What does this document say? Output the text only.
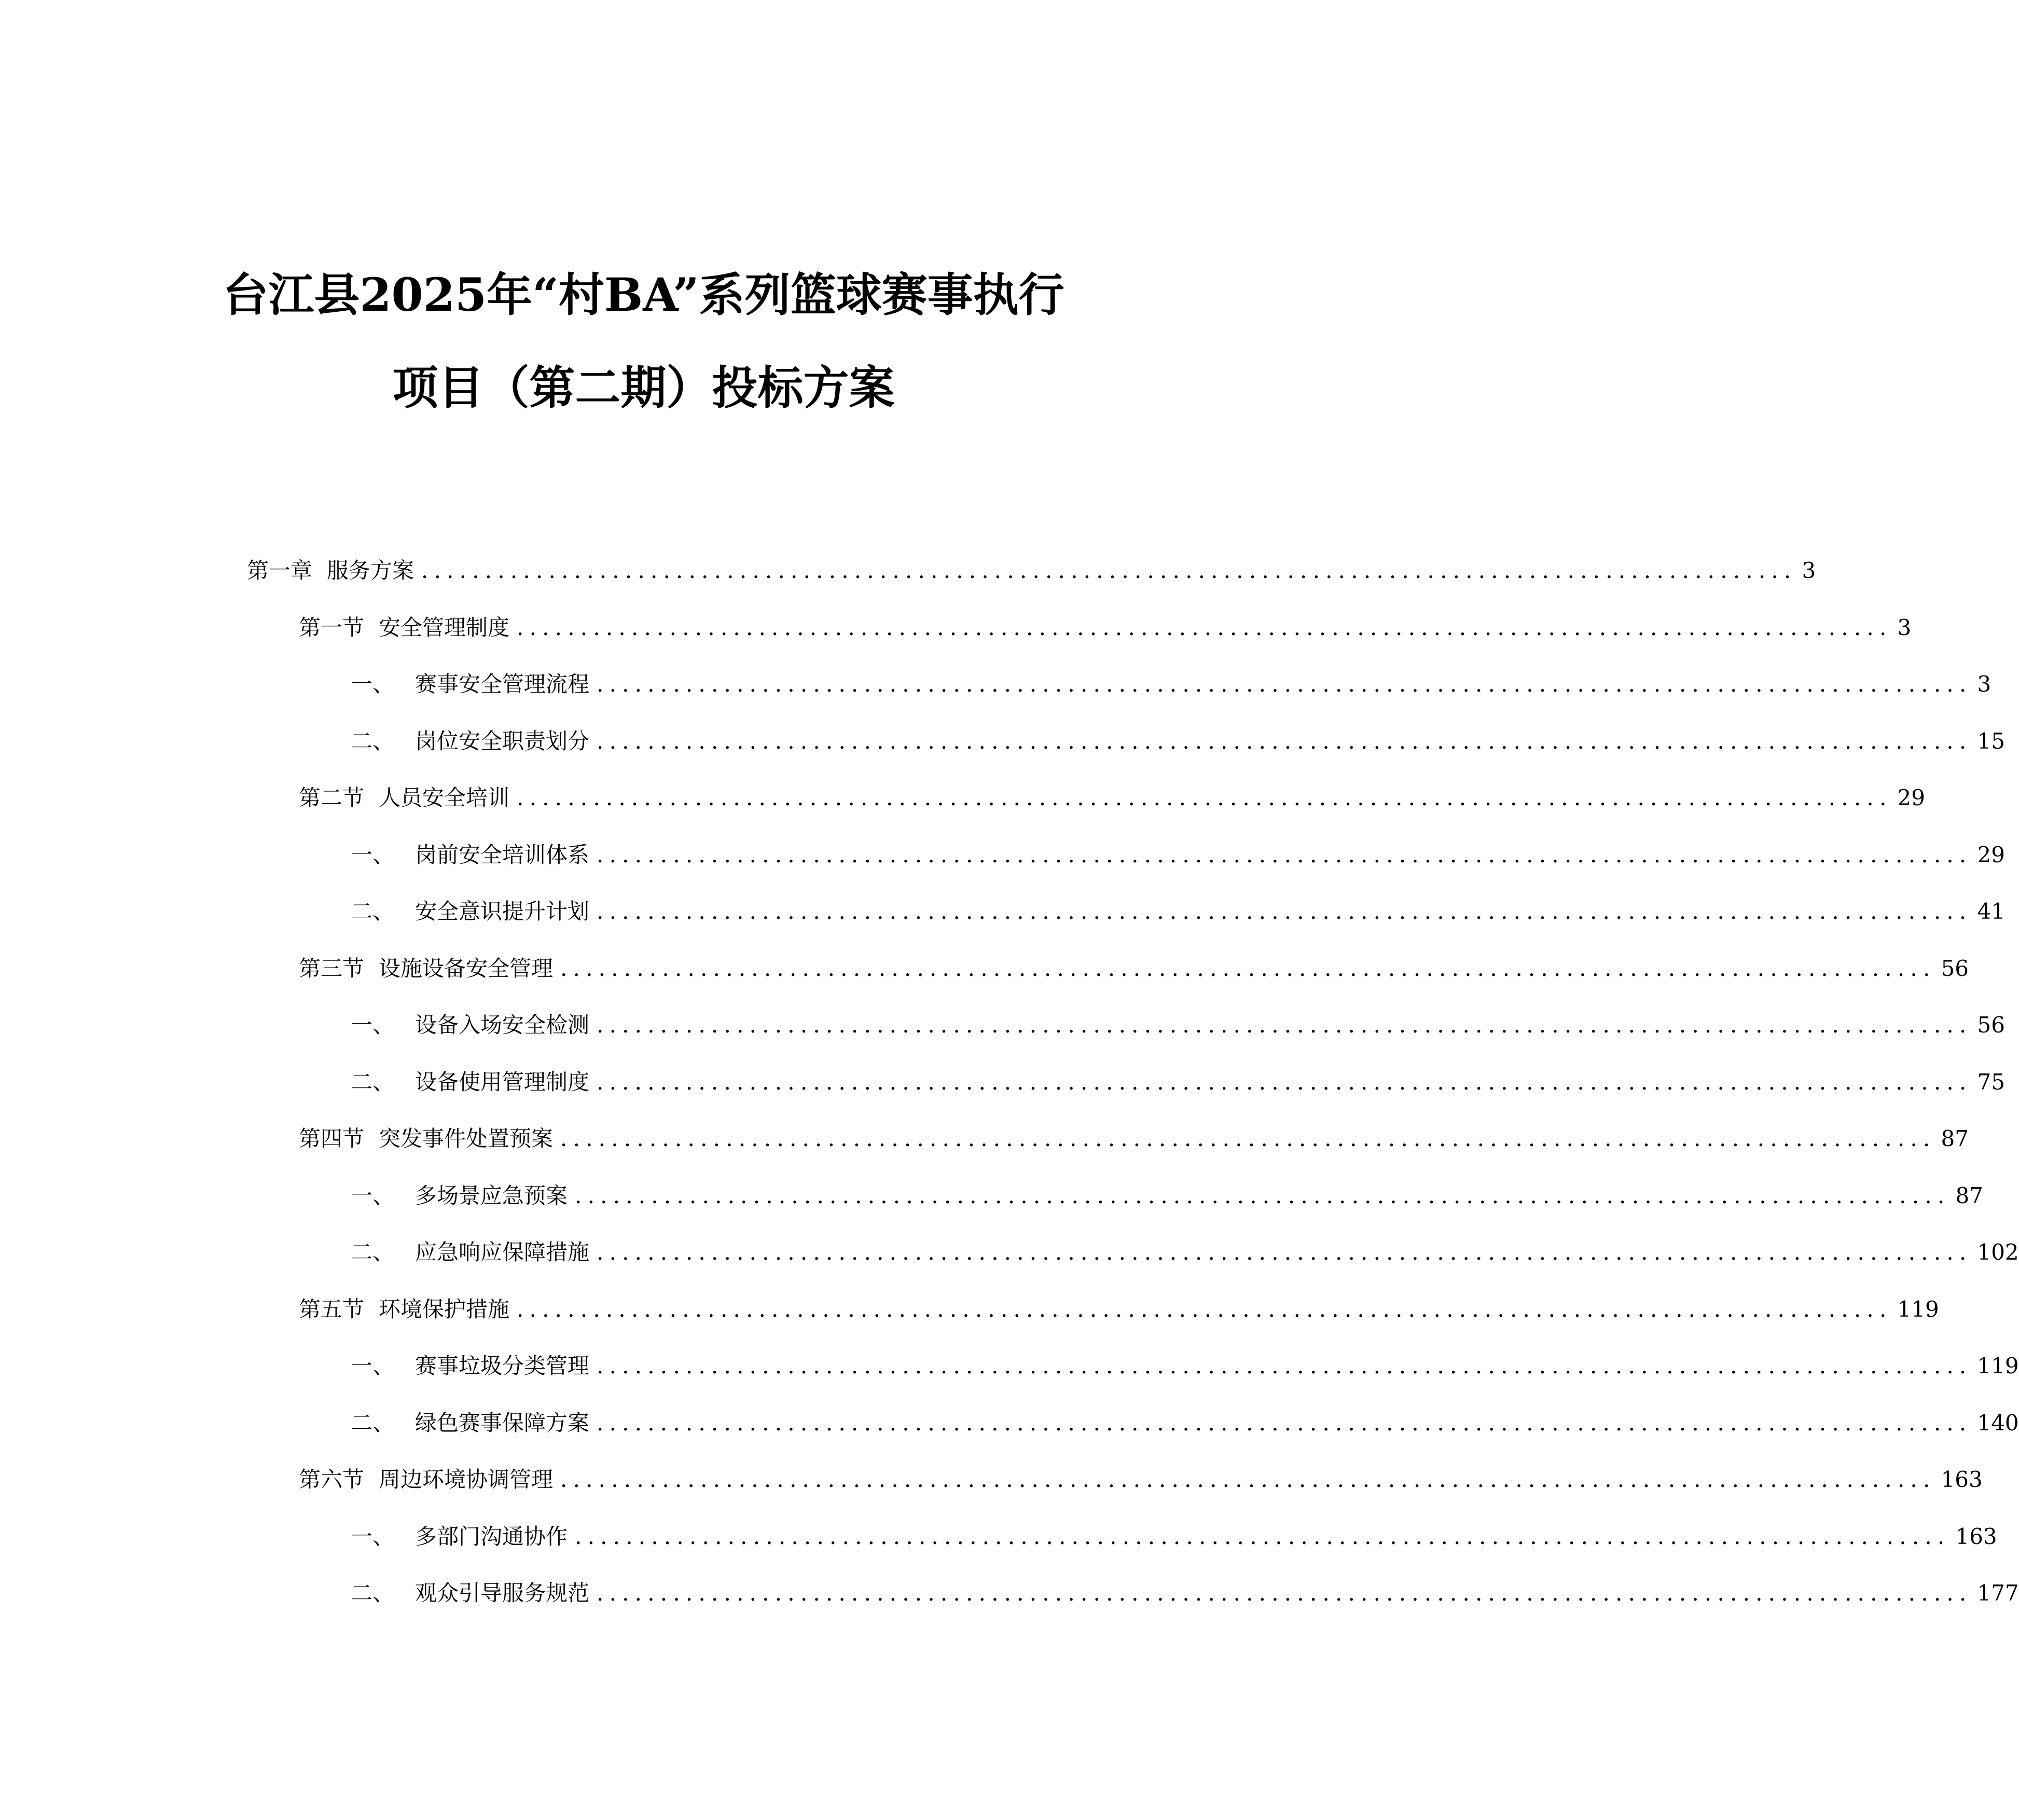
台江县2025年“村BA”系列篮球赛事执行
项目（第二期）投标方案
第一章 服务方案 ............................................................................................................ 3
第一节 安全管理制度 ............................................................................................................ 3
一、 赛事安全管理流程 ............................................................................................................ 3
二、 岗位安全职责划分 ............................................................................................................ 15
第二节 人员安全培训 ............................................................................................................ 29
一、 岗前安全培训体系 ............................................................................................................ 29
二、 安全意识提升计划 ............................................................................................................ 41
第三节 设施设备安全管理 ............................................................................................................ 56
一、 设备入场安全检测 ............................................................................................................ 56
二、 设备使用管理制度 ............................................................................................................ 75
第四节 突发事件处置预案 ............................................................................................................ 87
一、 多场景应急预案 ............................................................................................................ 87
二、 应急响应保障措施 ............................................................................................................ 102
第五节 环境保护措施 ............................................................................................................ 119
一、 赛事垃圾分类管理 ............................................................................................................ 119
二、 绿色赛事保障方案 ............................................................................................................ 140
第六节 周边环境协调管理 ............................................................................................................ 163
一、 多部门沟通协作 ............................................................................................................ 163
二、 观众引导服务规范 ............................................................................................................ 177
